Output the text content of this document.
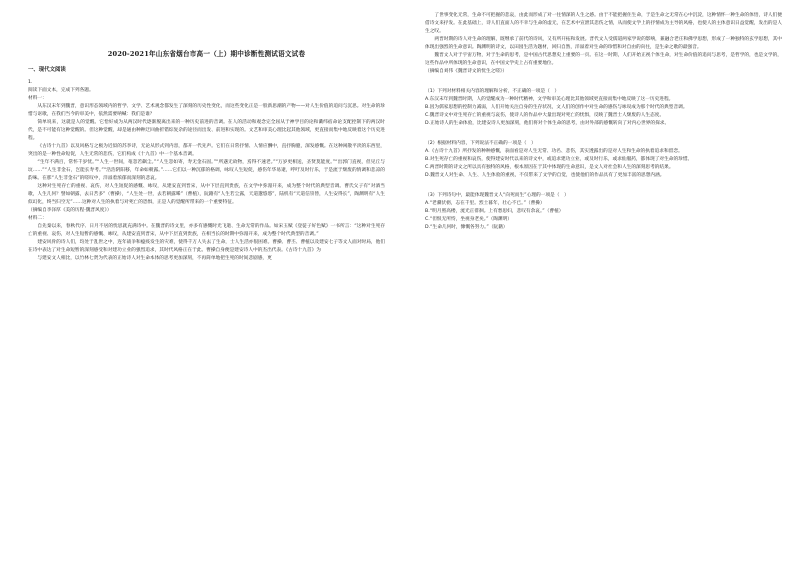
2020-2021年山东省烟台市高一（上）期中诊断性测试语文试卷
一、现代文阅读

1.

阅读下面文本，完成下列各题。

材料一：

从东汉末年到魏晋，意识形态领域内的哲学、文学、艺术观念都发生了深刻的历史性变化，而这些变化正是一股新思潮的产物——对人生价值的追问与沉思。对生命的珍惜与讴歌，在我们当今的审美中，依然需要呐喊：我们是谁？

简单说来，这就是人的觉醒。它恰好成为从两汉时代逐渐脱离出来的一种历史前进的音调。在人的活动和观念完全屈从于神学目的论和谶纬宿命论支配控制下的两汉时代，是不可能有这种觉醒的。但这种觉醒，却是通由种种迂回曲折错综复杂的途径而出发、前进和实现的。文艺和审美心理比起其他领域，更直接而集中地反映着这个历史进程。

《古诗十九首》以及风格与之极为近似的苏李诗，无论从形式到内容，都开一代先声。它们在日常抒情、人情应酬中，直抒胸臆，深发感慨。在这种闲散平淡的东西里，突出的是一种性命短促，人生无常的悲伤，它们构成《十九首》中一个基本音调。

“生年不满百，常怀千岁忧。”“人生一世间，奄忽若飙尘。”“人生忽如寄，寿无金石固。”“所遇无故物，焉得不速老。”“万岁更相送，圣贤莫能度。”“出郭门直视，但见丘与坟……”“人生非金石，岂能长寿考。”“浩浩阴阳移，年命如朝露。”……它们以一种沉郁的格调，咏叹人生短促，感伤年华易逝，呼吁及时行乐，于是流于颓废的情调和悲凉的韵味。在那“人生非金石”的嗟叹中，洋溢着浓郁而深刻的悲哀。

这种对生死存亡的重视、哀伤，对人生短促的感慨、咏叹，从建安直到晋宋，从中下层直到贵族，在文学中弥漫开来，成为整个时代的典型音调。曹氏父子有“对酒当歌，人生几何？譬如朝露，去日苦多”（曹操），“人生处一世，去若朝露晞”（曹植），阮籍有“人生若尘露，天道邈悠悠”，陆机有“天道信崇替，人生安得长”，陶渊明有“人生似幻化，终当归空无”……这种对人生的执着与对死亡的恐惧，正是人的觉醒所带来的一个重要特征。

（摘编自李泽厚《美的历程·魏晋风度》）

材料二：

自先秦以来，春秋代序、日月不居的忧思就充满诗中。在魏晋的诗文里，亦多有感慨时光飞逝、生命无常的作品。如宋玉赋《登徒子好色赋》一书所言：“这种对生死存亡的重视、哀伤，对人生短暂的感慨、咏叹，从建安直到晋宋，从中下层直到贵族，在相当长的时期中弥漫开来，成为整个时代典型的音调。”

建安风骨的诗人们，均处于乱世之中，连年战争和瘟疫发生的灾难，使得千万人失去了生命，士人生活亦很困难。曹操、曹丕、曹植以及建安七子等文人面对时局，他们在诗中表达了对生命短暂的深刻感受和对建功立业的强烈追求，其时代风格正在于此。曹操自身便是建安诗人中的杰出代表。《古诗十九首》为

与建安文人相比，以竹林七贤为代表的正始诗人对生命本体的思考更加深刻，不再简单地把生死的时间悲剧感，更

了世事变化无常，生命不可把握的悲哀，由此而形成了对一往情深的人生之感。由于不能把握住生命，于是生命之无常在心中沉淀，这种情怀一种生命的体悟，诗人们便借诗文来抒发。在此基础上，诗人们直面人的不幸与生命的虚无，在艺术中宣泄其悲伤之情，从而使文学上的抒情成为主导的风格，也使人的主体意识日益觉醒，发出的是人生之叹。

两晋时期的诗人对生命的理解，既继承了前代的诗风，又有所开拓和发展。晋代文人受儒道两家学说的影响，兼融合老庄和佛学思想，形成了一种独特的玄学思想，其中体现出强烈的生命意识。陶渊明的诗文，以田园生活为题材，回归自然，洋溢着对生命的珍惜和对自由的向往，是生命之歌的最强音。

魏晋文人对于宇宙万物，对于生命的思考，是中国古代思想史上重要的一页。在这一时期，人们开始正视个体生命，对生命价值的追问与思考，是哲学的，也是文学的，这些作品中所体现的生命意识，在中国文学史上占有重要地位。

（摘编自刘伟《魏晋诗文的忧生之嗟》）

（1）下列对材料相关内容的理解和分析，不正确的一项是（　）

A.东汉末年到魏晋时期，人的觉醒成为一种时代精神，文学和审美心理比其他领域更直接而集中地反映了这一历史进程。

B.因为儒家思想的控制力减弱，人们开始关注自身的生存状况，文人们的创作中对生命的感伤与咏叹成为那个时代的典型音调。

C.魏晋诗文中对生死存亡的重视与哀伤，使诗人的作品中大量出现对死亡的忧惧，反映了魏晋士人颓废的人生态度。

D.正始诗人的生命体验，比建安诗人更加深刻，他们将对个体生命的思考，由对外部的感慨转向了对内心世界的探求。

（2）根据材料内容，下列说法不正确的一项是（　）

A.《古诗十九首》所抒发的种种感慨，表面看是对人生无常、功名、悲伤，其实透露出的是对人生和生命的执着追求和留恋。

B.对生死存亡的重视和哀伤，使得建安时代以来的诗文中，或追求建功立业，或及时行乐，或求仙服药，都体现了对生命的珍惜。

C.两晋时期的诗文之所以具有独特的风格，根本原因在于其中体现的生命意识，是文人对社会和人生的深刻思考的结果。

D.魏晋文人对生命、人生、人生体验的重视，不仅带来了文学的自觉，也使他们的作品具有了更加丰富的思想内涵。

（3）下列诗句中，最能体现魏晋文人“向死而生”心理的一项是（　）

A.“老骥伏枥，志在千里。烈士暮年，壮心不已。”（曹操）

B.“明月照高楼，流光正徘徊。上有愁思妇，悲叹有余哀。”（曹植）

C.“但恨无所恃，坐视身老矣。”（陶渊明）

D.“生命几何时，慷慨各努力。”（阮籍）
